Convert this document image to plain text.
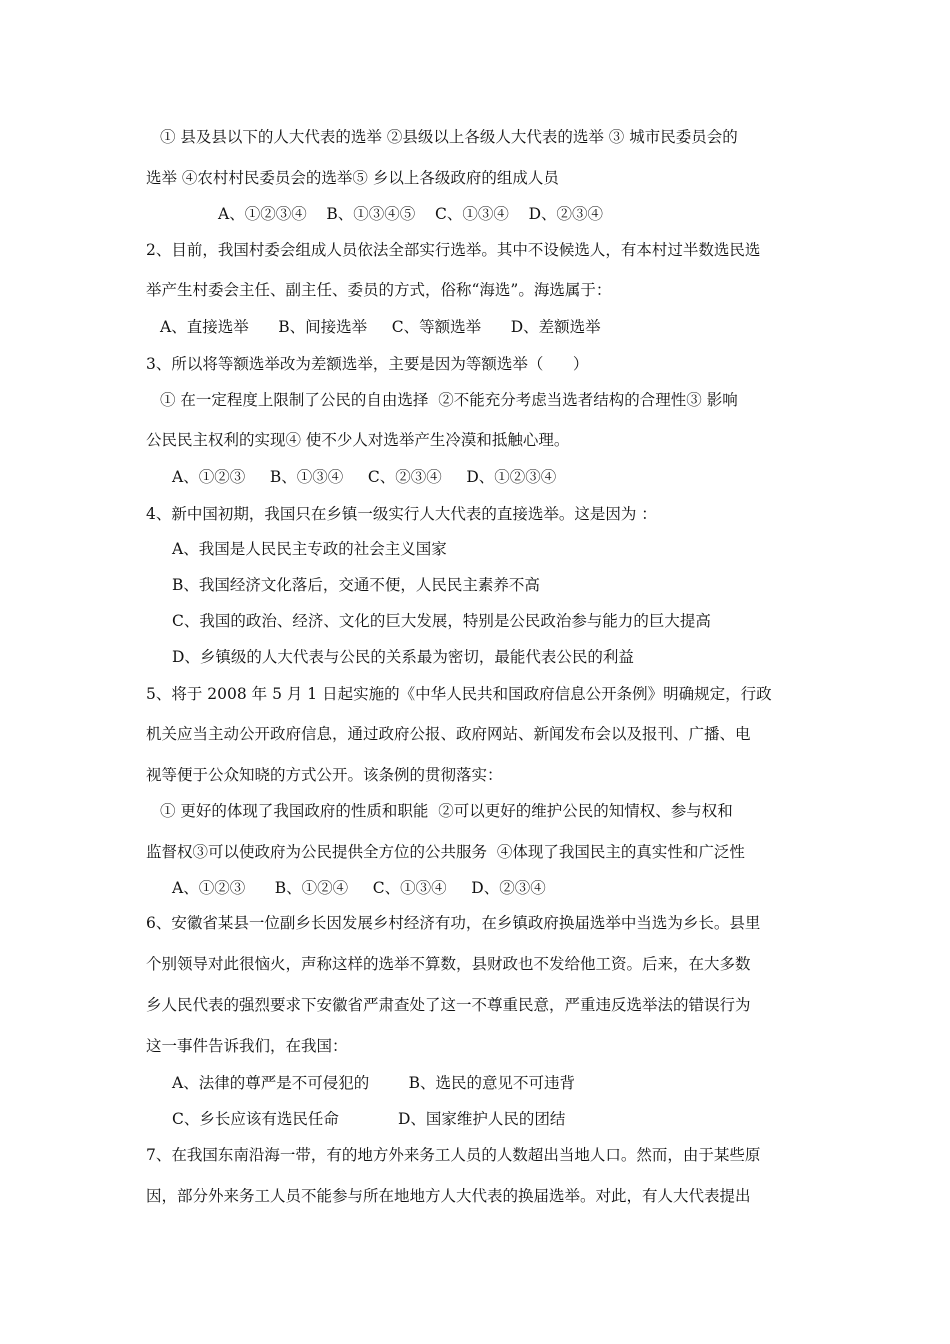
① 县及县以下的人大代表的选举 ②县级以上各级人大代表的选举 ③ 城市民委员会的
选举 ④农村村民委员会的选举⑤ 乡以上各级政府的组成人员
A、①②③④    B、①③④⑤    C、①③④    D、②③④
2、目前，我国村委会组成人员依法全部实行选举。其中不设候选人，有本村过半数选民选
举产生村委会主任、副主任、委员的方式，俗称“海选”。海选属于：
A、直接选举      B、间接选举     C、等额选举      D、差额选举
3、所以将等额选举改为差额选举，主要是因为等额选举（      ）
① 在一定程度上限制了公民的自由选择  ②不能充分考虑当选者结构的合理性③ 影响
公民民主权利的实现④ 使不少人对选举产生冷漠和抵触心理。
A、①②③     B、①③④     C、②③④     D、①②③④
4、新中国初期，我国只在乡镇一级实行人大代表的直接选举。这是因为 ：
A、我国是人民民主专政的社会主义国家
B、我国经济文化落后，交通不便，人民民主素养不高
C、我国的政治、经济、文化的巨大发展，特别是公民政治参与能力的巨大提高
D、乡镇级的人大代表与公民的关系最为密切，最能代表公民的利益
5、将于 2008 年 5 月 1 日起实施的《中华人民共和国政府信息公开条例》明确规定，行政
机关应当主动公开政府信息，通过政府公报、政府网站、新闻发布会以及报刊、广播、电
视等便于公众知晓的方式公开。该条例的贯彻落实：
① 更好的体现了我国政府的性质和职能  ②可以更好的维护公民的知情权、参与权和
监督权③可以使政府为公民提供全方位的公共服务  ④体现了我国民主的真实性和广泛性
A、①②③      B、①②④     C、①③④     D、②③④
6、安徽省某县一位副乡长因发展乡村经济有功，在乡镇政府换届选举中当选为乡长。县里
个别领导对此很恼火，声称这样的选举不算数，县财政也不发给他工资。后来，在大多数
乡人民代表的强烈要求下安徽省严肃查处了这一不尊重民意，严重违反选举法的错误行为
这一事件告诉我们，在我国：
A、法律的尊严是不可侵犯的        B、选民的意见不可违背
C、乡长应该有选民任命            D、国家维护人民的团结
7、在我国东南沿海一带，有的地方外来务工人员的人数超出当地人口。然而，由于某些原
因，部分外来务工人员不能参与所在地地方人大代表的换届选举。对此，有人大代表提出
